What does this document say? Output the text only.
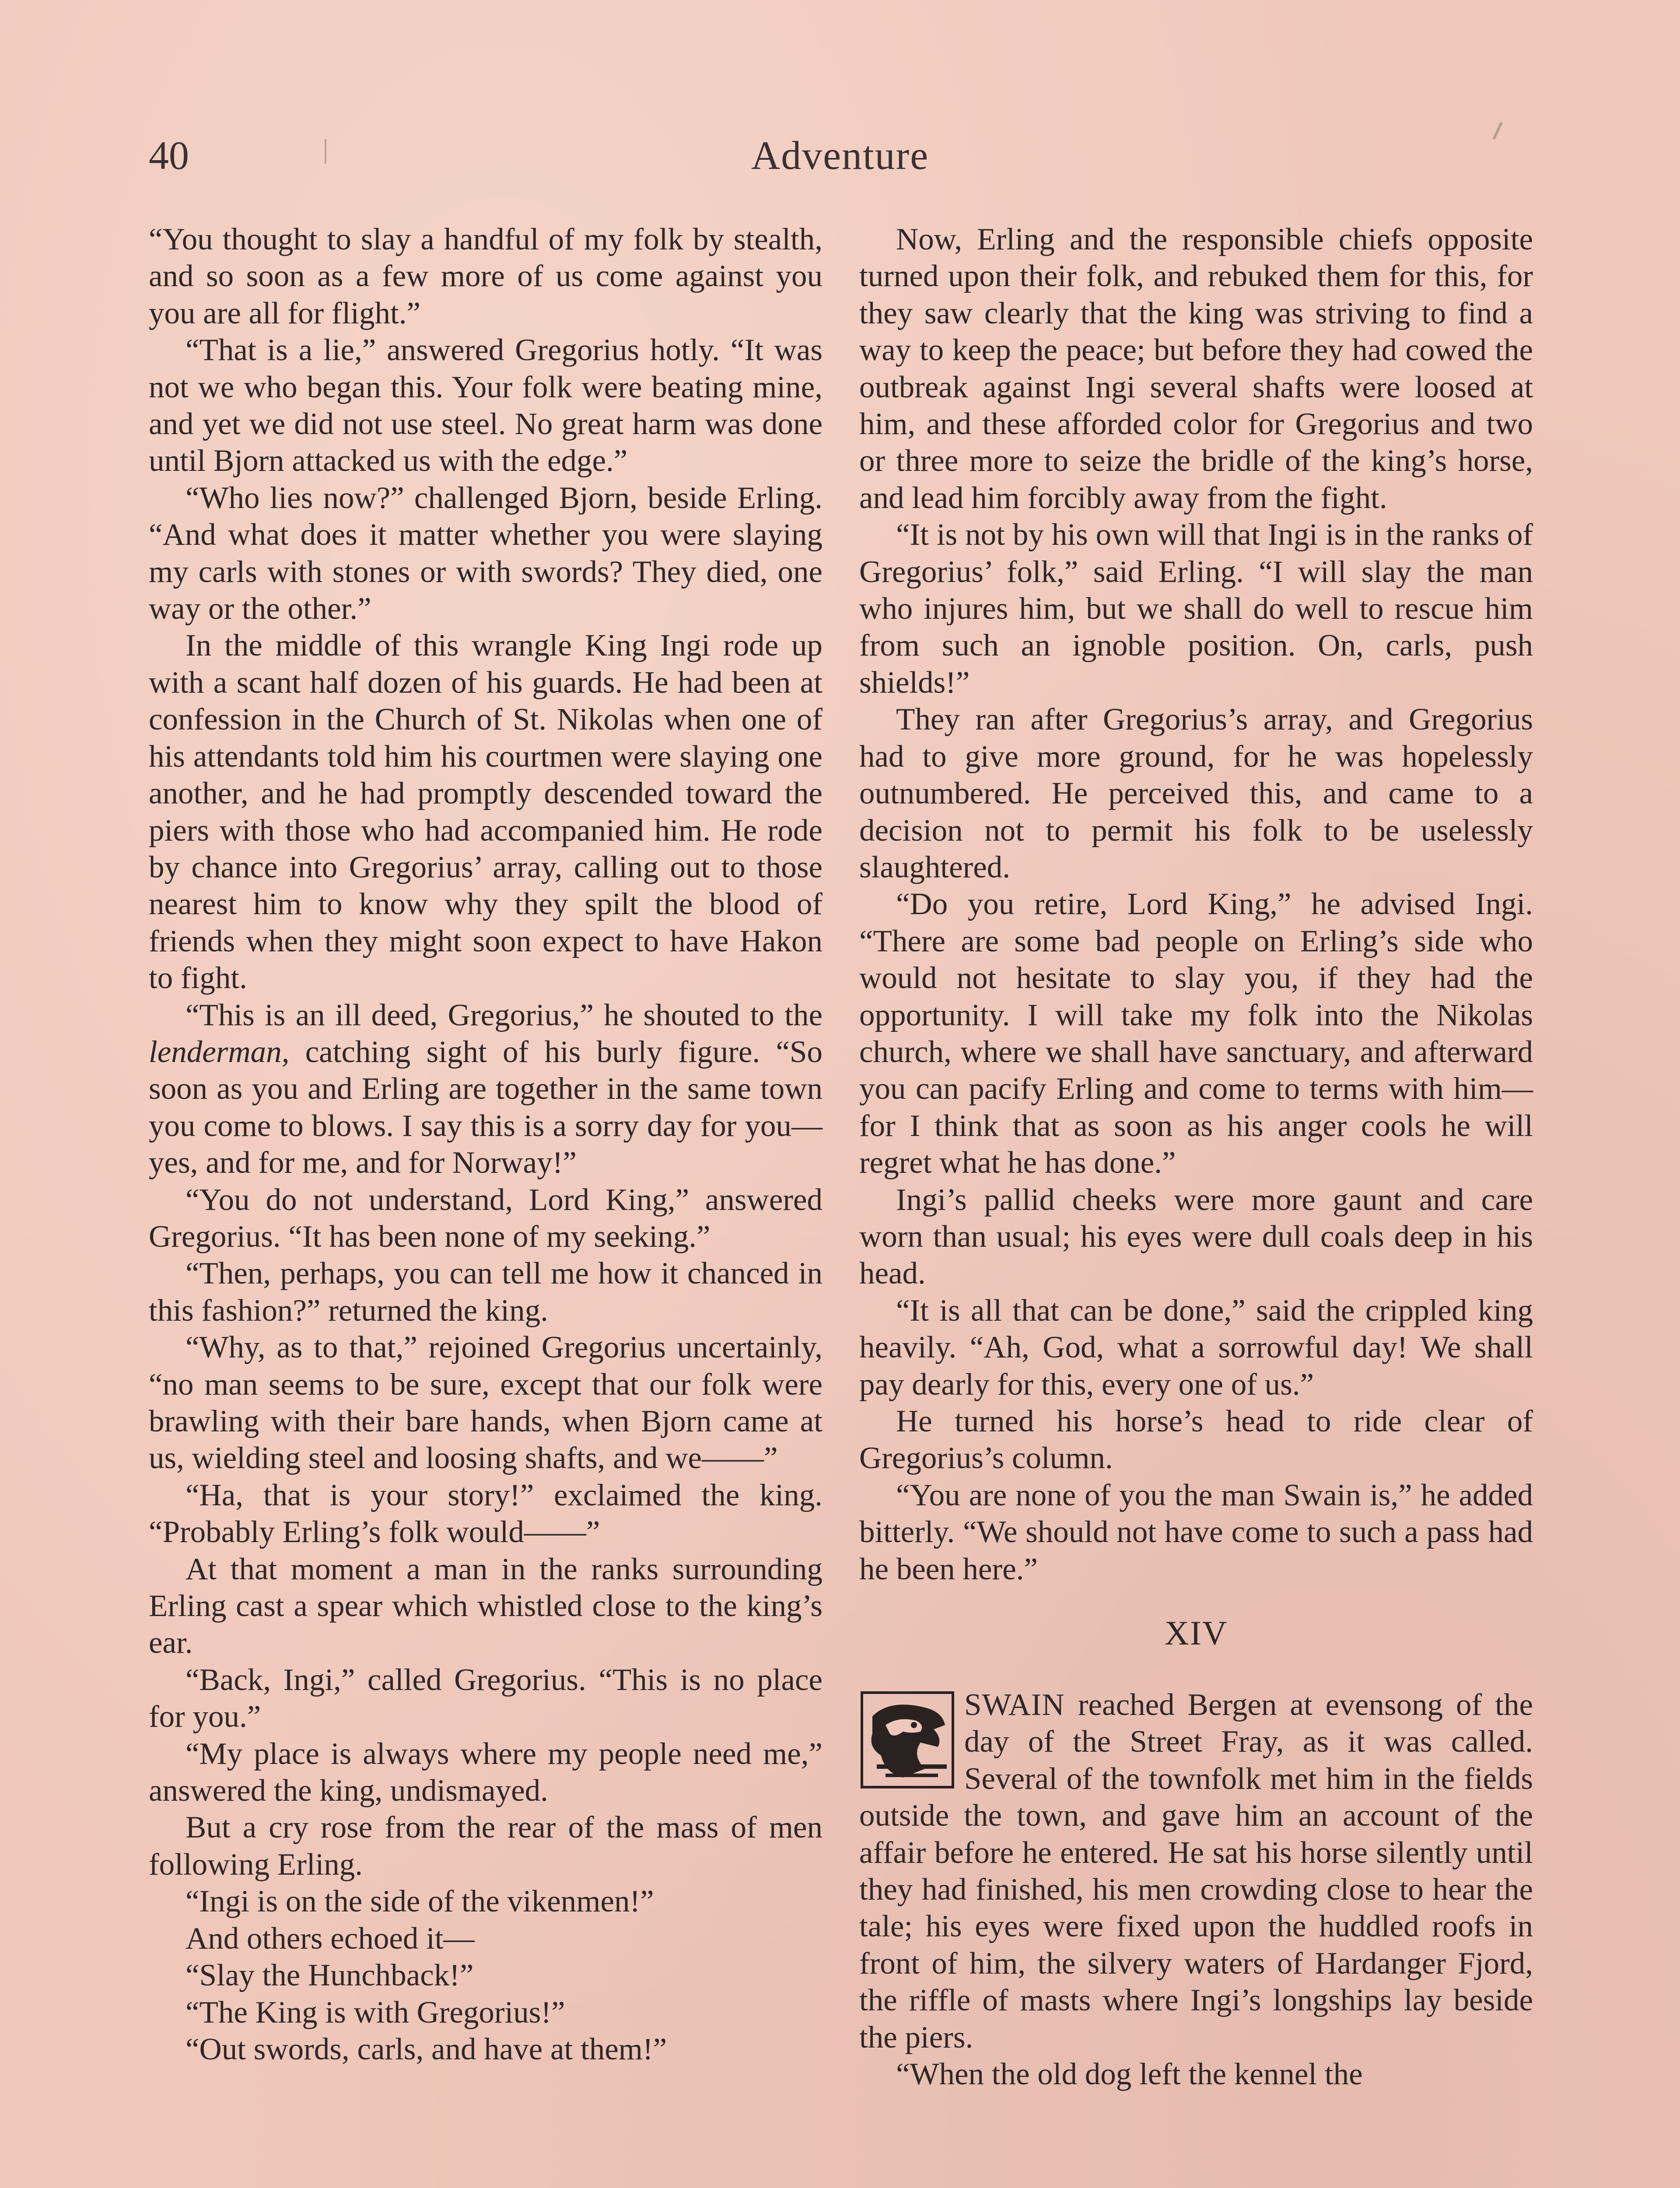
40	Adventure

“You thought to slay a handful of my folk by stealth, and so soon as a few more of us come against you you are all for flight.”

“That is a lie,” answered Gregorius hotly. “It was not we who began this. Your folk were beating mine, and yet we did not use steel. No great harm was done until Bjorn attacked us with the edge.”

“Who lies now?” challenged Bjorn, beside Erling. “And what does it matter whether you were slaying my carls with stones or with swords? They died, one way or the other.”

In the middle of this wrangle King Ingi rode up with a scant half dozen of his guards. He had been at confession in the Church of St. Nikolas when one of his attendants told him his courtmen were slaying one another, and he had promptly descended toward the piers with those who had accompanied him. He rode by chance into Gregorius’ array, calling out to those nearest him to know why they spilt the blood of friends when they might soon expect to have Hakon to fight.

“This is an ill deed, Gregorius,” he shouted to the lenderman, catching sight of his burly figure. “So soon as you and Erling are together in the same town you come to blows. I say this is a sorry day for you—yes, and for me, and for Norway!”

“You do not understand, Lord King,” answered Gregorius. “It has been none of my seeking.”

“Then, perhaps, you can tell me how it chanced in this fashion?” returned the king.

“Why, as to that,” rejoined Gregorius uncertainly, “no man seems to be sure, except that our folk were brawling with their bare hands, when Bjorn came at us, wielding steel and loosing shafts, and we——”

“Ha, that is your story!” exclaimed the king. “Probably Erling’s folk would——”

At that moment a man in the ranks surrounding Erling cast a spear which whistled close to the king’s ear.

“Back, Ingi,” called Gregorius. “This is no place for you.”

“My place is always where my people need me,” answered the king, undismayed.

But a cry rose from the rear of the mass of men following Erling.

“Ingi is on the side of the vikenmen!”

And others echoed it—

“Slay the Hunchback!”

“The King is with Gregorius!”

“Out swords, carls, and have at them!”

Now, Erling and the responsible chiefs opposite turned upon their folk, and rebuked them for this, for they saw clearly that the king was striving to find a way to keep the peace; but before they had cowed the outbreak against Ingi several shafts were loosed at him, and these afforded color for Gregorius and two or three more to seize the bridle of the king’s horse, and lead him forcibly away from the fight.

“It is not by his own will that Ingi is in the ranks of Gregorius’ folk,” said Erling. “I will slay the man who injures him, but we shall do well to rescue him from such an ignoble position. On, carls, push shields!”

They ran after Gregorius’s array, and Gregorius had to give more ground, for he was hopelessly outnumbered. He perceived this, and came to a decision not to permit his folk to be uselessly slaughtered.

“Do you retire, Lord King,” he advised Ingi. “There are some bad people on Erling’s side who would not hesitate to slay you, if they had the opportunity. I will take my folk into the Nikolas church, where we shall have sanctuary, and afterward you can pacify Erling and come to terms with him—for I think that as soon as his anger cools he will regret what he has done.”

Ingi’s pallid cheeks were more gaunt and care worn than usual; his eyes were dull coals deep in his head.

“It is all that can be done,” said the crippled king heavily. “Ah, God, what a sorrowful day! We shall pay dearly for this, every one of us.”

He turned his horse’s head to ride clear of Gregorius’s column.

“You are none of you the man Swain is,” he added bitterly. “We should not have come to such a pass had he been here.”

XIV

SWAIN reached Bergen at evensong of the day of the Street Fray, as it was called. Several of the townfolk met him in the fields outside the town, and gave him an account of the affair before he entered. He sat his horse silently until they had finished, his men crowding close to hear the tale; his eyes were fixed upon the huddled roofs in front of him, the silvery waters of Hardanger Fjord, the riffle of masts where Ingi’s longships lay beside the piers.

“When the old dog left the kennel the
